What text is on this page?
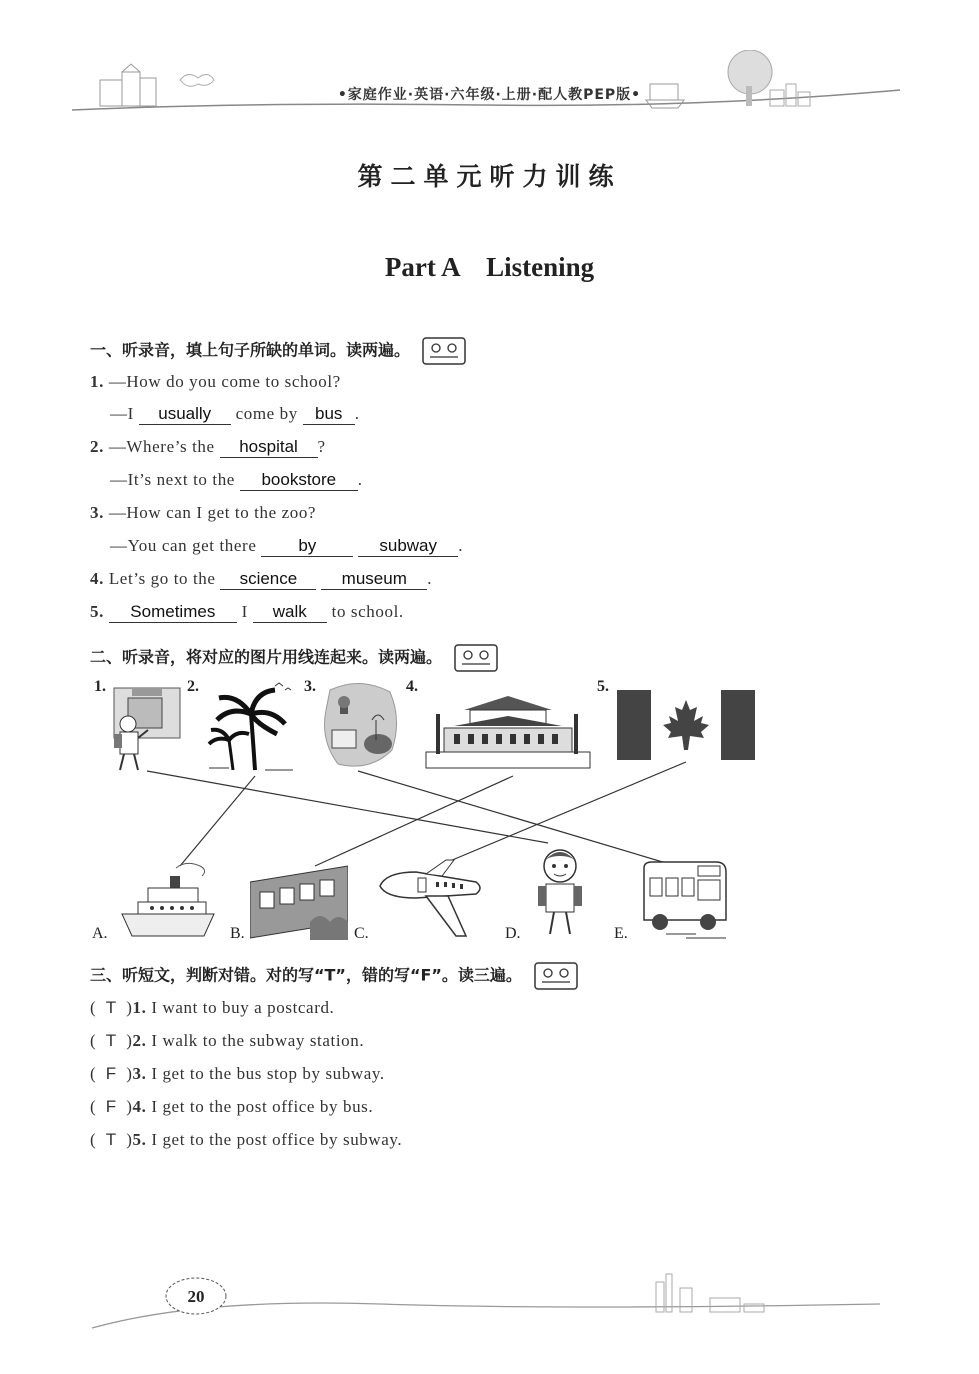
•家庭作业·英语·六年级·上册·配人教PEP版•
第二单元听力训练
Part A    Listening
一、听录音，填上句子所缺的单词。读两遍。
1. —How do you come to school?
—I usually come by bus .
2. —Where’s the hospital ?
—It’s next to the bookstore .
3. —How can I get to the zoo?
—You can get there by	subway .
4. Let’s go to the science	museum .
5. Sometimes I walk to school.
二、听录音，将对应的图片用线连起来。读两遍。
1.	2.	3.	4.	5.
A.	B.	C.	D.	E.
三、听短文，判断对错。对的写“T”，错的写“F”。读三遍。
( T )1. I want to buy a postcard.
( T )2. I walk to the subway station.
( F )3. I get to the bus stop by subway.
( F )4. I get to the post office by bus.
( T )5. I get to the post office by subway.
20
